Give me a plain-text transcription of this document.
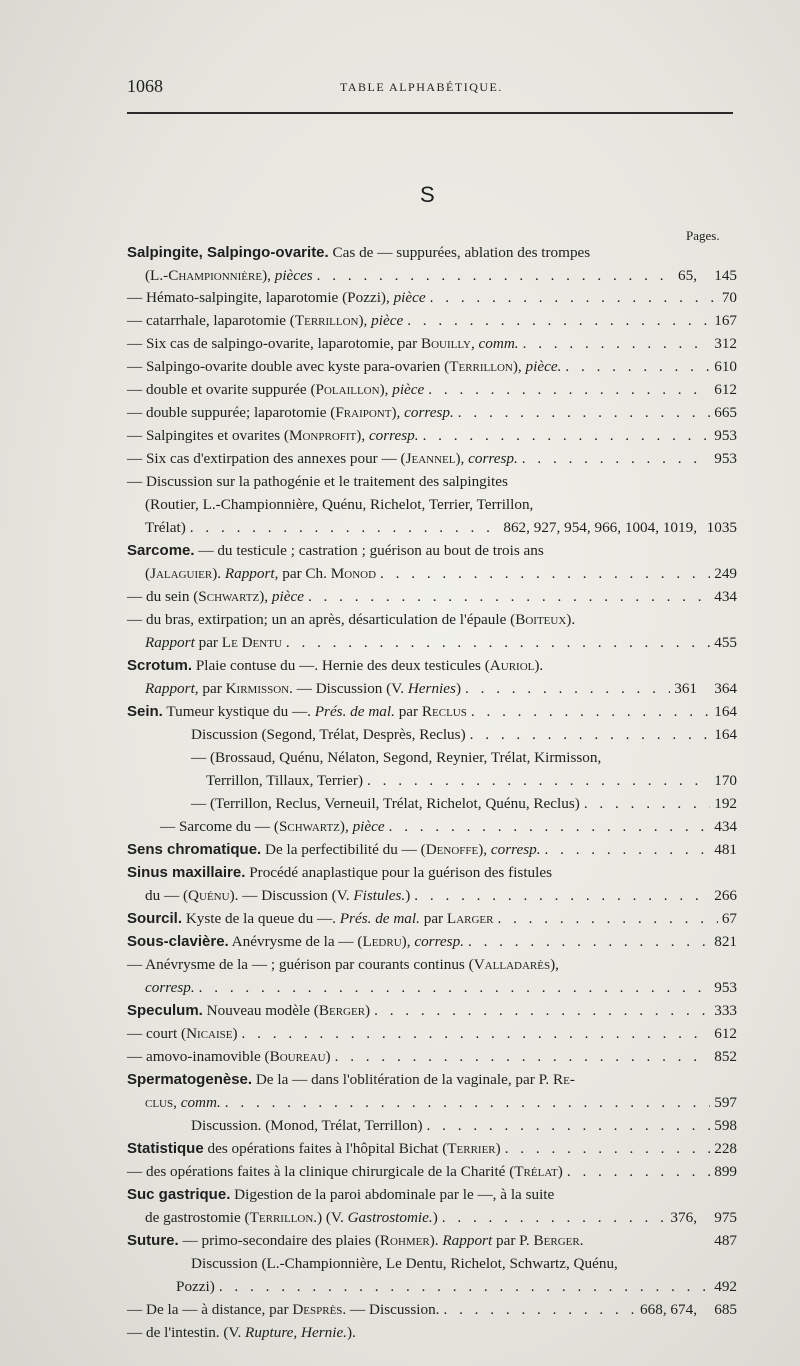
1068	TABLE ALPHABÉTIQUE.
S
Pages.
Salpingite, Salpingo-ovarite. Cas de — suppurées, ablation des trompes
(L.-Championnière), pièces . . .	65, 145
— Hémato-salpingite, laparotomie (Pozzi), pièce . . .	70
— catarrhale, laparotomie (Terrillon), pièce . . .	167
— Six cas de salpingo-ovarite, laparotomie, par Bouilly, comm. . . .	312
— Salpingo-ovarite double avec kyste para-ovarien (Terrillon), pièce. . . .	610
— double et ovarite suppurée (Polaillon), pièce . . .	612
— double suppurée; laparotomie (Fraipont), corresp. . . .	665
— Salpingites et ovarites (Monprofit), corresp. . . .	953
— Six cas d'extirpation des annexes pour — (Jeannel), corresp. . . .	953
— Discussion sur la pathogénie et le traitement des salpingites
(Routier, L.-Championnière, Quénu, Richelot, Terrier, Terrillon,
Trélat) . . .	862, 927, 954, 966, 1004, 1019, 1035
Sarcome. — du testicule ; castration ; guérison au bout de trois ans
(Jalaguier). Rapport, par Ch. Monod . . .	249
— du sein (Schwartz), pièce . . .	434
— du bras, extirpation; un an après, désarticulation de l'épaule (Boiteux).
Rapport par Le Dentu . . .	455
Scrotum. Plaie contuse du —. Hernie des deux testicules (Auriol).
Rapport, par Kirmisson. — Discussion (V. Hernies) . . .	361 364
Sein. Tumeur kystique du —. Prés. de mal. par Reclus . . .	164
Discussion (Segond, Trélat, Desprès, Reclus) . . .	164
— (Brossaud, Quénu, Nélaton, Segond, Reynier, Trélat, Kirmisson,
Terrillon, Tillaux, Terrier) . . .	170
— (Terrillon, Reclus, Verneuil, Trélat, Richelot, Quénu, Reclus) . . .	192
— Sarcome du — (Schwartz), pièce . . .	434
Sens chromatique. De la perfectibilité du — (Denoffe), corresp. . . .	481
Sinus maxillaire. Procédé anaplastique pour la guérison des fistules
du — (Quénu). — Discussion (V. Fistules.) . . .	266
Sourcil. Kyste de la queue du —. Prés. de mal. par Larger . . .	67
Sous-clavière. Anévrysme de la — (Ledru), corresp. . . .	821
— Anévrysme de la — ; guérison par courants continus (Valladarès),
corresp. . . .	953
Speculum. Nouveau modèle (Berger) . . .	333
— court (Nicaise) . . .	612
— amovo-inamovible (Boureau) . . .	852
Spermatogenèse. De la — dans l'oblitération de la vaginale, par P. Re-
clus, comm. . . .	597
Discussion. (Monod, Trélat, Terrillon) . . .	598
Statistique des opérations faites à l'hôpital Bichat (Terrier) . . .	228
— des opérations faites à la clinique chirurgicale de la Charité (Trélat) . . .	899
Suc gastrique. Digestion de la paroi abdominale par le —, à la suite
de gastrostomie (Terrillon.) (V. Gastrostomie.) . . .	376, 975
Suture. — primo-secondaire des plaies (Rohmer). Rapport par P. Berger.	487
Discussion (L.-Championnière, Le Dentu, Richelot, Schwartz, Quénu,
Pozzi) . . .	492
— De la — à distance, par Desprès. — Discussion. . . .	668, 674, 685
— de l'intestin. (V. Rupture, Hernie.).
